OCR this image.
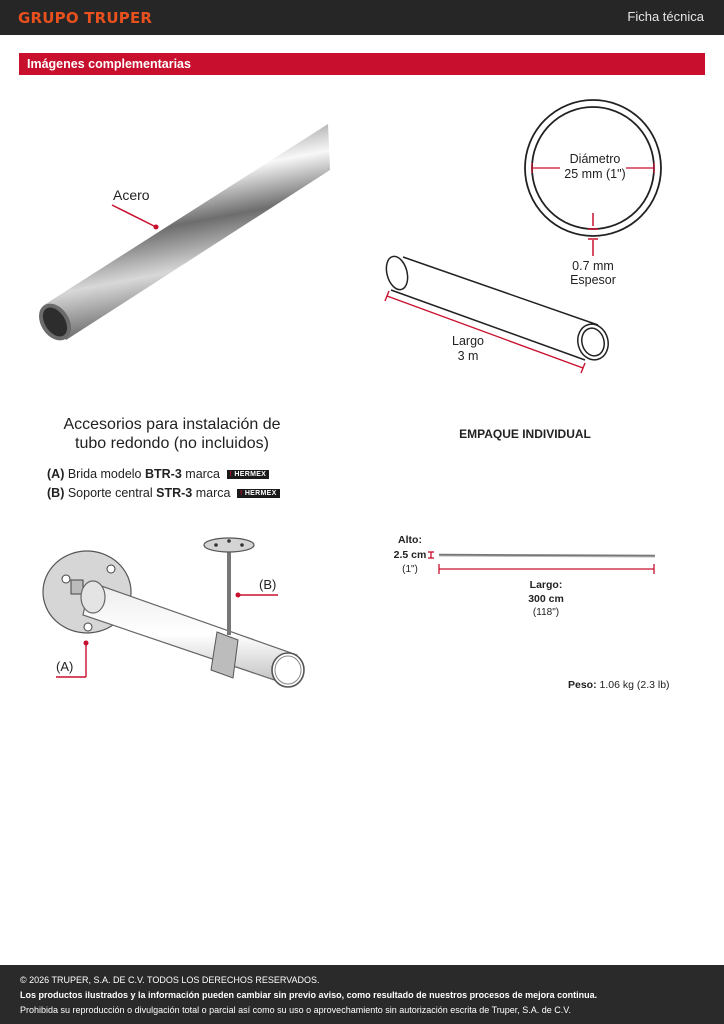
GRUPO TRUPER	Ficha técnica
Imágenes complementarias
Acero
Diámetro
25 mm (1")
0.7 mm
Espesor
Largo
3 m
Accesorios para instalación de
tubo redondo (no incluidos)
(A) Brida modelo BTR-3 marca ! HERMEX
(B) Soporte central STR-3 marca ! HERMEX
(B)
(A)
EMPAQUE INDIVIDUAL
Alto:
2.5 cm
(1")
Largo:
300 cm
(118")
Peso: 1.06 kg (2.3 lb)
© 2026 TRUPER, S.A. DE C.V. TODOS LOS DERECHOS RESERVADOS.
Los productos ilustrados y la información pueden cambiar sin previo aviso, como resultado de nuestros procesos de mejora continua.
Prohibida su reproducción o divulgación total o parcial así como su uso o aprovechamiento sin autorización escrita de Truper, S.A. de C.V.
